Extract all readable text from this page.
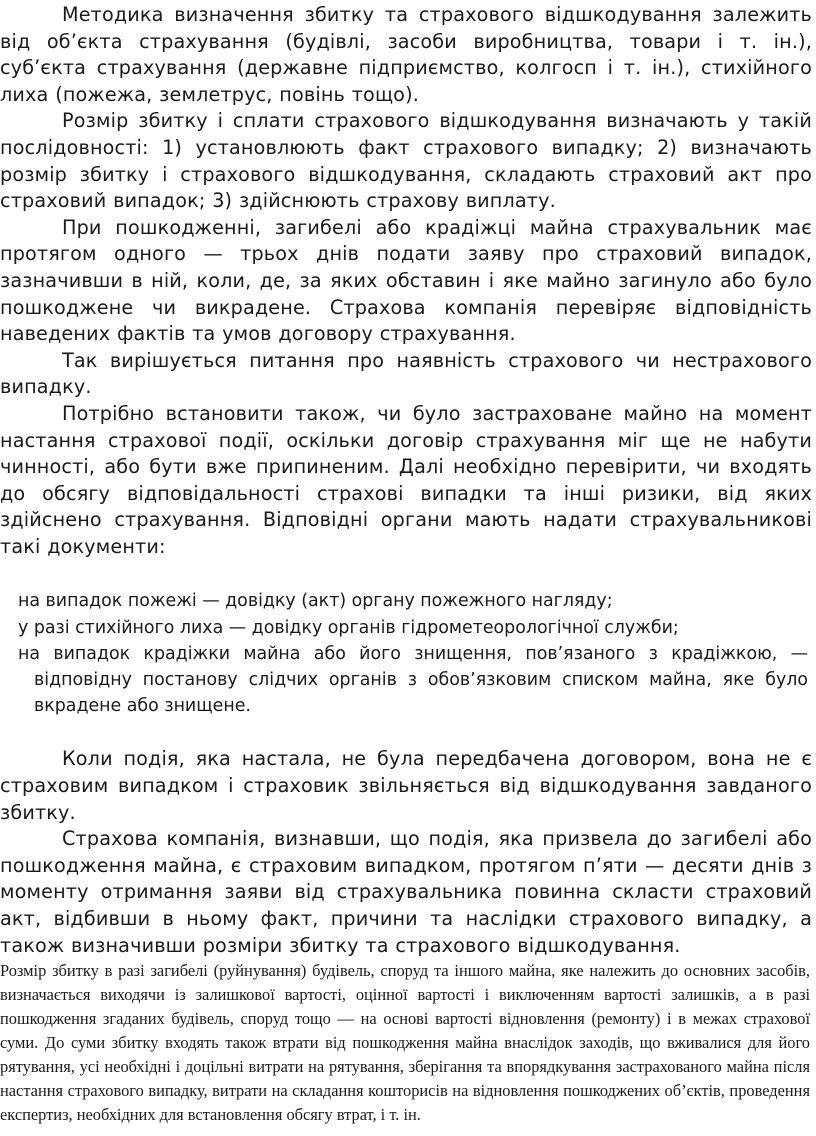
Методика визначення збитку та страхового відшкодування залежить від об’єкта страхування (будівлі, засоби виробництва, товари і т. ін.), суб’єкта страхування (державне підприємство, колгосп і т. ін.), стихійного лиха (пожежа, землетрус, повінь тощо).

Розмір збитку і сплати страхового відшкодування визначають у такій послідовності: 1) установлюють факт страхового випадку; 2) визначають розмір збитку і страхового відшкодування, складають страховий акт про страховий випадок; 3) здійснюють страхову виплату.

При пошкодженні, загибелі або крадіжці майна страхувальник має протягом одного — трьох днів подати заяву про страховий випадок, зазначивши в ній, коли, де, за яких обставин і яке майно загинуло або було пошкоджене чи викрадене. Страхова компанія перевіряє відповідність наведених фактів та умов договору страхування.

Так вирішується питання про наявність страхового чи нестрахового випадку.

Потрібно встановити також, чи було застраховане майно на момент настання страхової події, оскільки договір страхування міг ще не набути чинності, або бути вже припиненим. Далі необхідно перевірити, чи входять до обсягу відповідальності страхові випадки та інші ризики, від яких здійснено страхування. Відповідні органи мають надати страхувальникові такі документи:

на випадок пожежі — довідку (акт) органу пожежного нагляду;
у разі стихійного лиха — довідку органів гідрометеорологічної служби;
на випадок крадіжки майна або його знищення, пов’язаного з крадіжкою, — відповідну постанову слідчих органів з обов’язковим списком майна, яке було вкрадене або знищене.

Коли подія, яка настала, не була передбачена договором, вона не є страховим випадком і страховик звільняється від відшкодування завданого збитку.

Страхова компанія, визнавши, що подія, яка призвела до загибелі або пошкодження майна, є страховим випадком, протягом п’яти — десяти днів з моменту отримання заяви від страхувальника повинна скласти страховий акт, відбивши в ньому факт, причини та наслідки страхового випадку, а також визначивши розміри збитку та страхового відшкодування.

Розмір збитку в разі загибелі (руйнування) будівель, споруд та іншого майна, яке належить до основних засобів, визначається виходячи із залишкової вартості, оцінної вартості і виключенням вартості залишків, а в разі пошкодження згаданих будівель, споруд тощо — на основі вартості відновлення (ремонту) і в межах страхової суми. До суми збитку входять також втрати від пошкодження майна внаслідок заходів, що вживалися для його рятування, усі необхідні і доцільні витрати на рятування, зберігання та впорядкування застрахованого майна після настання страхового випадку, витрати на складання кошторисів на відновлення пошкоджених об’єктів, проведення експертиз, необхідних для встановлення обсягу втрат, і т. ін.
